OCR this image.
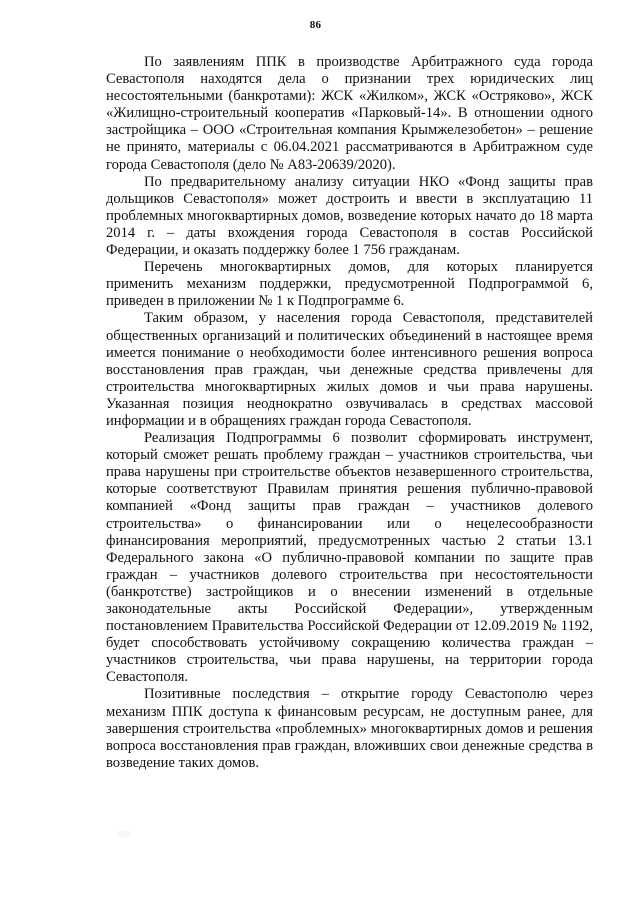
86

По заявлениям ППК в производстве Арбитражного суда города Севастополя находятся дела о признании трех юридических лиц несостоятельными (банкротами): ЖСК «Жилком», ЖСК «Остряково», ЖСК «Жилищно-строительный кооператив «Парковый-14». В отношении одного застройщика – ООО «Строительная компания Крымжелезобетон» – решение не принято, материалы с 06.04.2021 рассматриваются в Арбитражном суде города Севастополя (дело № А83-20639/2020).

По предварительному анализу ситуации НКО «Фонд защиты прав дольщиков Севастополя» может достроить и ввести в эксплуатацию 11 проблемных многоквартирных домов, возведение которых начато до 18 марта 2014 г. – даты вхождения города Севастополя в состав Российской Федерации, и оказать поддержку более 1 756 гражданам.

Перечень многоквартирных домов, для которых планируется применить механизм поддержки, предусмотренной Подпрограммой 6, приведен в приложении № 1 к Подпрограмме 6.

Таким образом, у населения города Севастополя, представителей общественных организаций и политических объединений в настоящее время имеется понимание о необходимости более интенсивного решения вопроса восстановления прав граждан, чьи денежные средства привлечены для строительства многоквартирных жилых домов и чьи права нарушены. Указанная позиция неоднократно озвучивалась в средствах массовой информации и в обращениях граждан города Севастополя.

Реализация Подпрограммы 6 позволит сформировать инструмент, который сможет решать проблему граждан – участников строительства, чьи права нарушены при строительстве объектов незавершенного строительства, которые соответствуют Правилам принятия решения публично-правовой компанией «Фонд защиты прав граждан – участников долевого строительства» о финансировании или о нецелесообразности финансирования мероприятий, предусмотренных частью 2 статьи 13.1 Федерального закона «О публично-правовой компании по защите прав граждан – участников долевого строительства при несостоятельности (банкротстве) застройщиков и о внесении изменений в отдельные законодательные акты Российской Федерации», утвержденным постановлением Правительства Российской Федерации от 12.09.2019 № 1192, будет способствовать устойчивому сокращению количества граждан – участников строительства, чьи права нарушены, на территории города Севастополя.

Позитивные последствия – открытие городу Севастополю через механизм ППК доступа к финансовым ресурсам, не доступным ранее, для завершения строительства «проблемных» многоквартирных домов и решения вопроса восстановления прав граждан, вложивших свои денежные средства в возведение таких домов.
